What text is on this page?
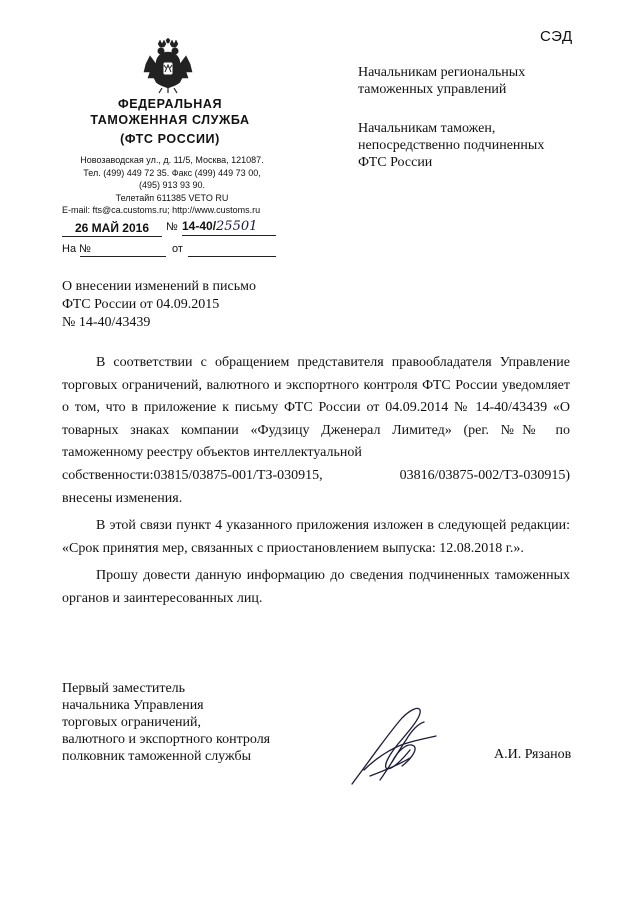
СЭД
ФЕДЕРАЛЬНАЯ
ТАМОЖЕННАЯ СЛУЖБА
(ФТС РОССИИ)
Новозаводская ул., д. 11/5, Москва, 121087.
Тел. (499) 449 72 35. Факс (499) 449 73 00,
(495) 913 93 90.
Телетайп 611385 VETO RU
E-mail: fts@ca.customs.ru; http://www.customs.ru
26 МАЙ 2016	№ 14-40/25501
На №	от
Начальникам региональных
таможенных управлений
Начальникам таможен,
непосредственно подчиненных
ФТС России
О внесении изменений в письмо
ФТС России от 04.09.2015
№ 14-40/43439

В соответствии с обращением представителя правообладателя Управление торговых ограничений, валютного и экспортного контроля ФТС России уведомляет о том, что в приложение к письму ФТС России от 04.09.2014 № 14-40/43439 «О товарных знаках компании «Фудзицу Дженерал Лимитед» (рег. №№ по таможенному реестру объектов интеллектуальной

собственности:03815/03875-001/ТЗ-030915,	03816/03875-002/ТЗ-030915)
внесены изменения.

В этой связи пункт 4 указанного приложения изложен в следующей редакции: «Срок принятия мер, связанных с приостановлением выпуска: 12.08.2018 г.».

Прошу довести данную информацию до сведения подчиненных таможенных органов и заинтересованных лиц.

Первый заместитель
начальника Управления
торговых ограничений,
валютного и экспортного контроля
полковник таможенной службы	А.И. Рязанов
